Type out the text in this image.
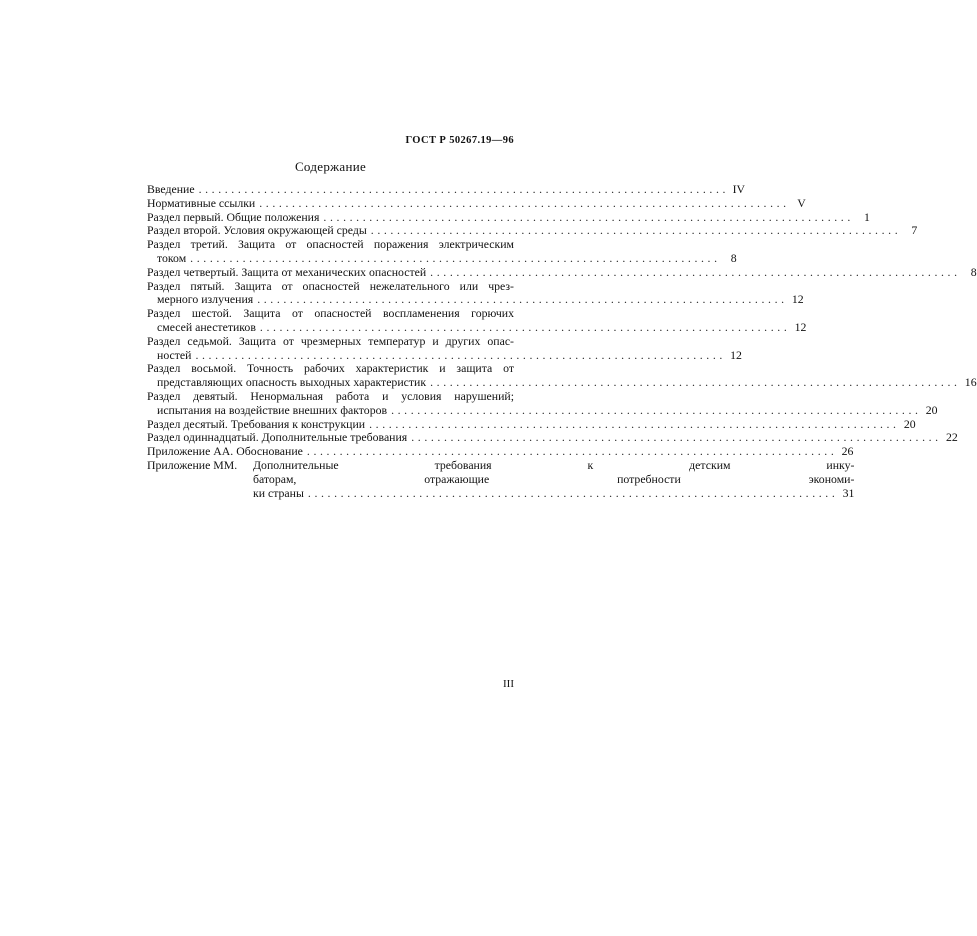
ГОСТ Р 50267.19—96
Содержание
Введение ................................................................................. IV
Нормативные ссылки ................................................................................. V
Раздел первый. Общие положения ................................................................................. 1
Раздел второй. Условия окружающей среды ................................................................................. 7
Раздел третий. Защита от опасностей поражения электрическим
током ................................................................................. 8
Раздел четвертый. Защита от механических опасностей ................................................................................. 8
Раздел пятый. Защита от опасностей нежелательного или чрез-
мерного излучения ................................................................................. 12
Раздел шестой. Защита от опасностей воспламенения горючих
смесей анестетиков ................................................................................. 12
Раздел седьмой. Защита от чрезмерных температур и других опас-
ностей ................................................................................. 12
Раздел восьмой. Точность рабочих характеристик и защита от
представляющих опасность выходных характеристик ................................................................................. 16
Раздел девятый. Ненормальная работа и условия нарушений;
испытания на воздействие внешних факторов ................................................................................. 20
Раздел десятый. Требования к конструкции ................................................................................. 20
Раздел одиннадцатый. Дополнительные требования ................................................................................. 22
Приложение АА. Обоснование ................................................................................. 26
Приложение ММ.	Дополнительные требования к детским инку-
баторам, отражающие потребности экономи-
ки страны ................................................................................. 31
III
